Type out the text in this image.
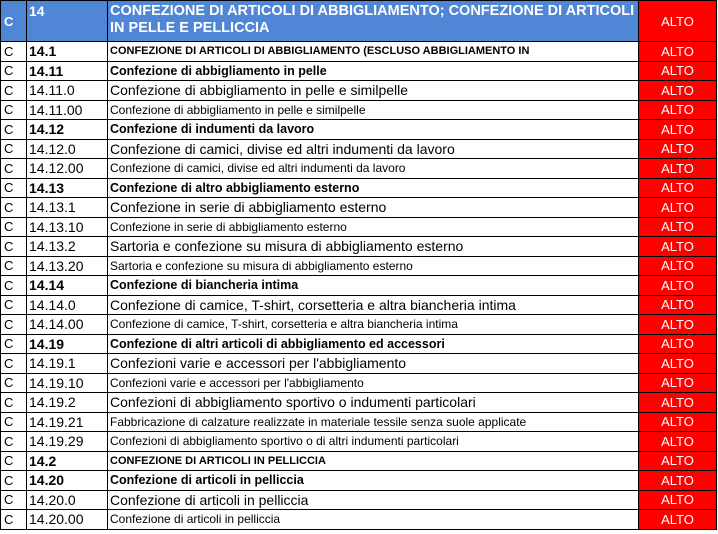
C	14	CONFEZIONE DI ARTICOLI DI ABBIGLIAMENTO; CONFEZIONE DI ARTICOLI IN PELLE E PELLICCIA	ALTO
C	14.1	CONFEZIONE DI ARTICOLI DI ABBIGLIAMENTO (ESCLUSO ABBIGLIAMENTO IN	ALTO
C	14.11	Confezione di abbigliamento in pelle	ALTO
C	14.11.0	Confezione di abbigliamento in pelle e similpelle	ALTO
C	14.11.00	Confezione di abbigliamento in pelle e similpelle	ALTO
C	14.12	Confezione di indumenti da lavoro	ALTO
C	14.12.0	Confezione di camici, divise ed altri indumenti da lavoro	ALTO
C	14.12.00	Confezione di camici, divise ed altri indumenti da lavoro	ALTO
C	14.13	Confezione di altro abbigliamento esterno	ALTO
C	14.13.1	Confezione in serie di abbigliamento esterno	ALTO
C	14.13.10	Confezione in serie di abbigliamento esterno	ALTO
C	14.13.2	Sartoria e confezione su misura di abbigliamento esterno	ALTO
C	14.13.20	Sartoria e confezione su misura di abbigliamento esterno	ALTO
C	14.14	Confezione di biancheria intima	ALTO
C	14.14.0	Confezione di camice, T-shirt, corsetteria e altra biancheria intima	ALTO
C	14.14.00	Confezione di camice, T-shirt, corsetteria e altra biancheria intima	ALTO
C	14.19	Confezione di altri articoli di abbigliamento ed accessori	ALTO
C	14.19.1	Confezioni varie e accessori per l'abbigliamento	ALTO
C	14.19.10	Confezioni varie e accessori per l'abbigliamento	ALTO
C	14.19.2	Confezioni di abbigliamento sportivo o indumenti particolari	ALTO
C	14.19.21	Fabbricazione di calzature realizzate in materiale tessile senza suole applicate	ALTO
C	14.19.29	Confezioni di abbigliamento sportivo o di altri indumenti particolari	ALTO
C	14.2	CONFEZIONE DI ARTICOLI IN PELLICCIA	ALTO
C	14.20	Confezione di articoli in pelliccia	ALTO
C	14.20.0	Confezione di articoli in pelliccia	ALTO
C	14.20.00	Confezione di articoli in pelliccia	ALTO
